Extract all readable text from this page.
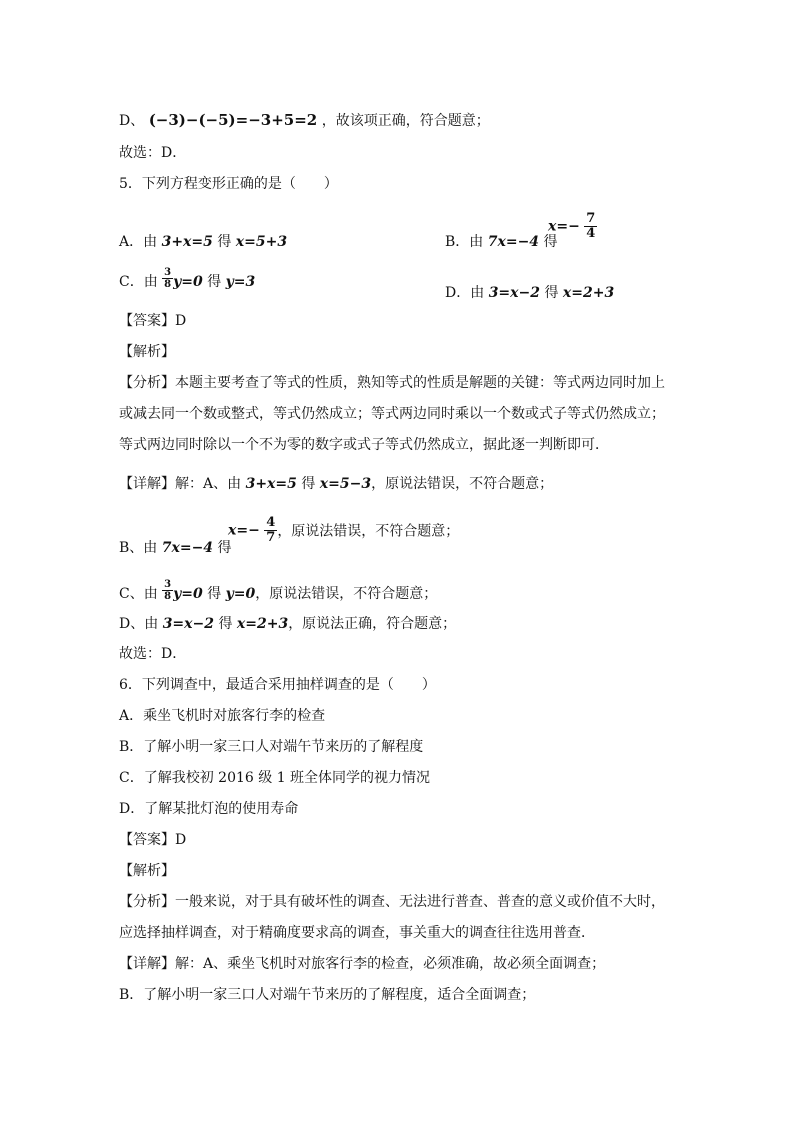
D、 (−3)−(−5)=−3+5=2 ，故该项正确，符合题意；
故选：D．
5．下列方程变形正确的是（　　）
A．由 3+x=5 得 x=5+3	B．由 7x=−4 得
$x=- \frac{7}{4}$
C．由 $\frac{3}{8} y=0$ 得 y=3
D．由 3=x−2 得 x=2+3
【答案】D
【解析】
【分析】本题主要考查了等式的性质，熟知等式的性质是解题的关键：等式两边同时加上
或减去同一个数或整式，等式仍然成立；等式两边同时乘以一个数或式子等式仍然成立；
等式两边同时除以一个不为零的数字或式子等式仍然成立，据此逐一判断即可．
【详解】解：A、由 3+x=5 得 x=5−3，原说法错误，不符合题意；
B、由 7x=−4 得
$x=- \frac{4}{7}$ ，原说法错误，不符合题意；
C、由 $\frac{3}{8} y=0$ 得 y=0，原说法错误，不符合题意；
D、由 3=x−2 得 x=2+3，原说法正确，符合题意；
故选：D．
6．下列调查中，最适合采用抽样调查的是（　　）
A．乘坐飞机时对旅客行李的检查
B．了解小明一家三口人对端午节来历的了解程度
C．了解我校初 2016 级 1 班全体同学的视力情况
D．了解某批灯泡的使用寿命
【答案】D
【解析】
【分析】一般来说，对于具有破坏性的调查、无法进行普查、普查的意义或价值不大时，
应选择抽样调查，对于精确度要求高的调查，事关重大的调查往往选用普查．
【详解】解：A、乘坐飞机时对旅客行李的检查，必须准确，故必须全面调查；
B．了解小明一家三口人对端午节来历的了解程度，适合全面调查；
